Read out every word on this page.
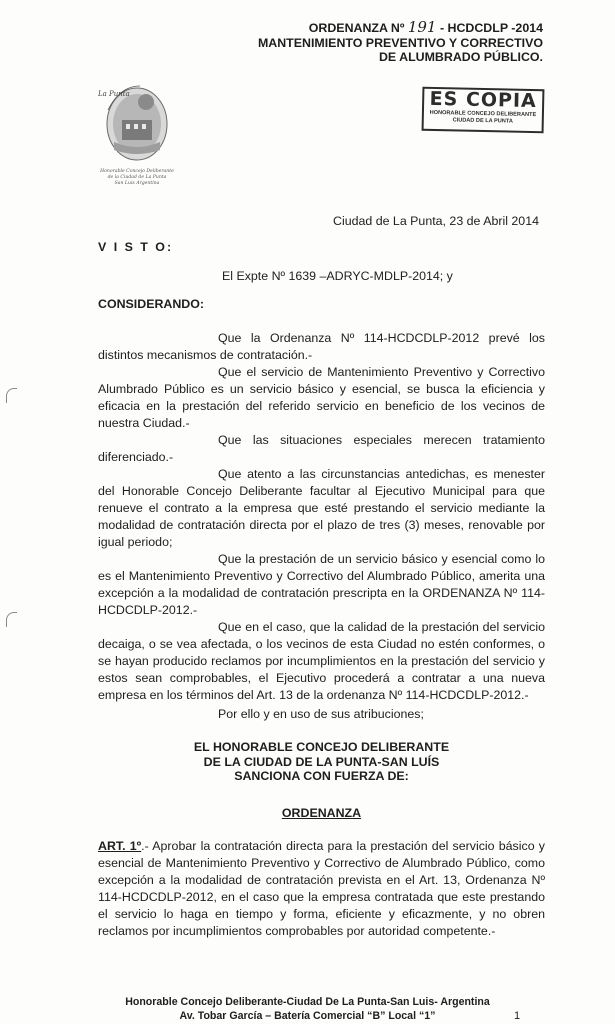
ORDENANZA Nº 191 - HCDCDLP -2014
MANTENIMIENTO PREVENTIVO Y CORRECTIVO
DE ALUMBRADO PÚBLICO.
La Punta
Honorable Concejo Deliberante
de la Ciudad de La Punta
San Luis Argentina
ES COPIA
HONORABLE CONCEJO DELIBERANTE
CIUDAD DE LA PUNTA
Ciudad de La Punta, 23 de Abril 2014
V I S T O:
El Expte Nº 1639 –ADRYC-MDLP-2014; y
CONSIDERANDO:

Que la Ordenanza Nº 114-HCDCDLP-2012 prevé los distintos mecanismos de contratación.-

Que el servicio de Mantenimiento Preventivo y Correctivo Alumbrado Público es un servicio básico y esencial, se busca la eficiencia y eficacia en la prestación del referido servicio en beneficio de los vecinos de nuestra Ciudad.-

Que las situaciones especiales merecen tratamiento diferenciado.-

Que atento a las circunstancias antedichas, es menester del Honorable Concejo Deliberante facultar al Ejecutivo Municipal para que renueve el contrato a la empresa que esté prestando el servicio mediante la modalidad de contratación directa por el plazo de tres (3) meses, renovable por igual periodo;

Que la prestación de un servicio básico y esencial como lo es el Mantenimiento Preventivo y Correctivo del Alumbrado Público, amerita una excepción a la modalidad de contratación prescripta en la ORDENANZA Nº 114-HCDCDLP-2012.-

Que en el caso, que la calidad de la prestación del servicio decaiga, o se vea afectada, o los vecinos de esta Ciudad no estén conformes, o se hayan producido reclamos por incumplimientos en la prestación del servicio y estos sean comprobables, el Ejecutivo procederá a contratar a una nueva empresa en los términos del Art. 13 de la ordenanza Nº 114-HCDCDLP-2012.-

Por ello y en uso de sus atribuciones;
EL HONORABLE CONCEJO DELIBERANTE
DE LA CIUDAD DE LA PUNTA-SAN LUÍS
SANCIONA CON FUERZA DE:
ORDENANZA

ART. 1º.- Aprobar la contratación directa para la prestación del servicio básico y esencial de Mantenimiento Preventivo y Correctivo de Alumbrado Público, como excepción a la modalidad de contratación prevista en el Art. 13, Ordenanza Nº 114-HCDCDLP-2012, en el caso que la empresa contratada que este prestando el servicio lo haga en tiempo y forma, eficiente y eficazmente, y no obren reclamos por incumplimientos comprobables por autoridad competente.-

Honorable Concejo Deliberante-Ciudad De La Punta-San Luis- Argentina
Av. Tobar García – Batería Comercial “B” Local “1”	1
